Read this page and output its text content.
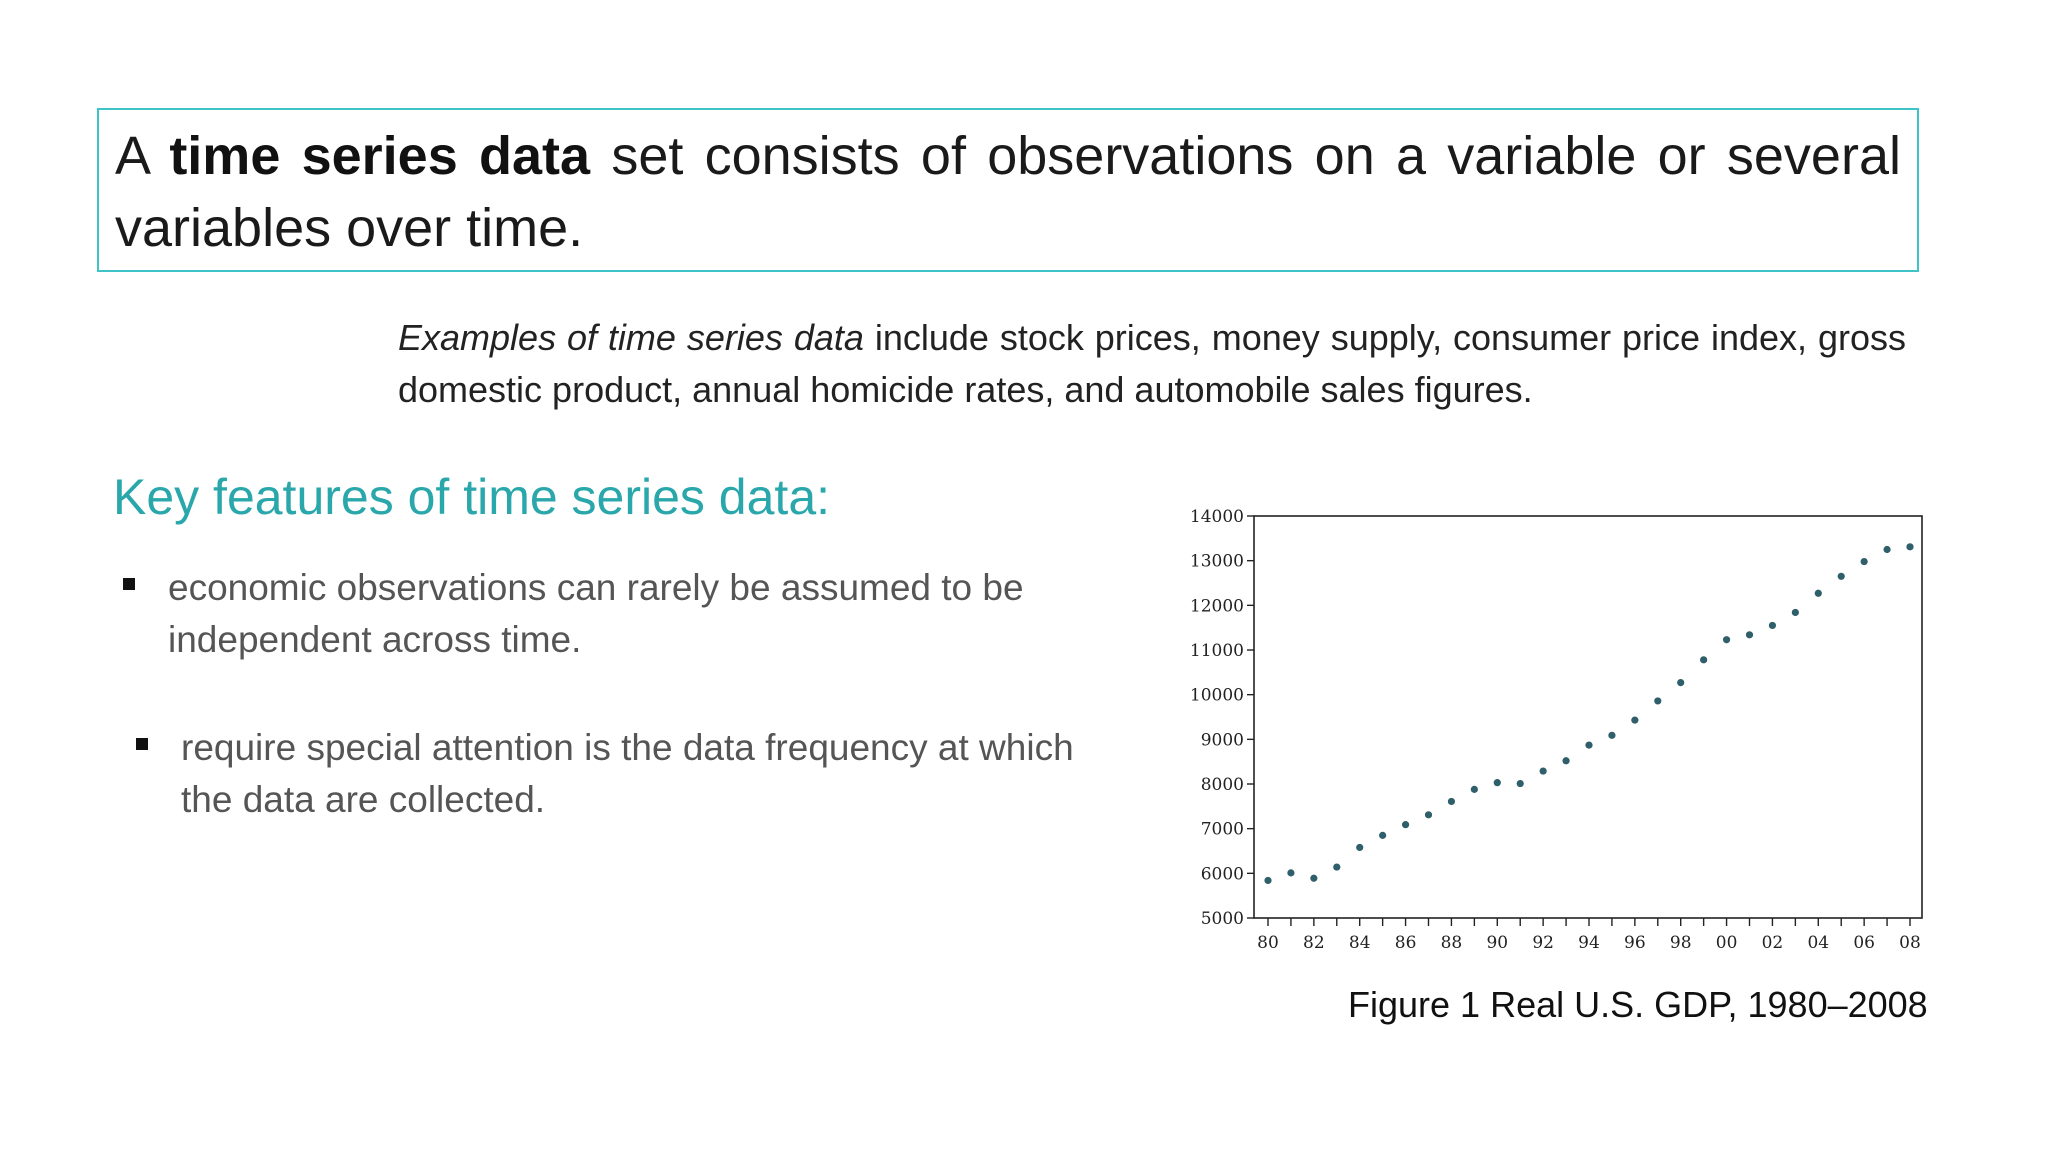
A time series data set consists of observations on a variable or several variables over time.
Examples of time series data include stock prices, money supply, consumer price index, gross domestic product, annual homicide rates, and automobile sales figures.
Key features of time series data:
economic observations can rarely be assumed to be independent across time.
require special attention is the data frequency at which the data are collected.
5000
6000
7000
8000
9000
10000
11000
12000
13000
14000
80 82 84 86 88 90 92 94 96 98 00 02 04 06 08
Figure 1 Real U.S. GDP, 1980–2008
